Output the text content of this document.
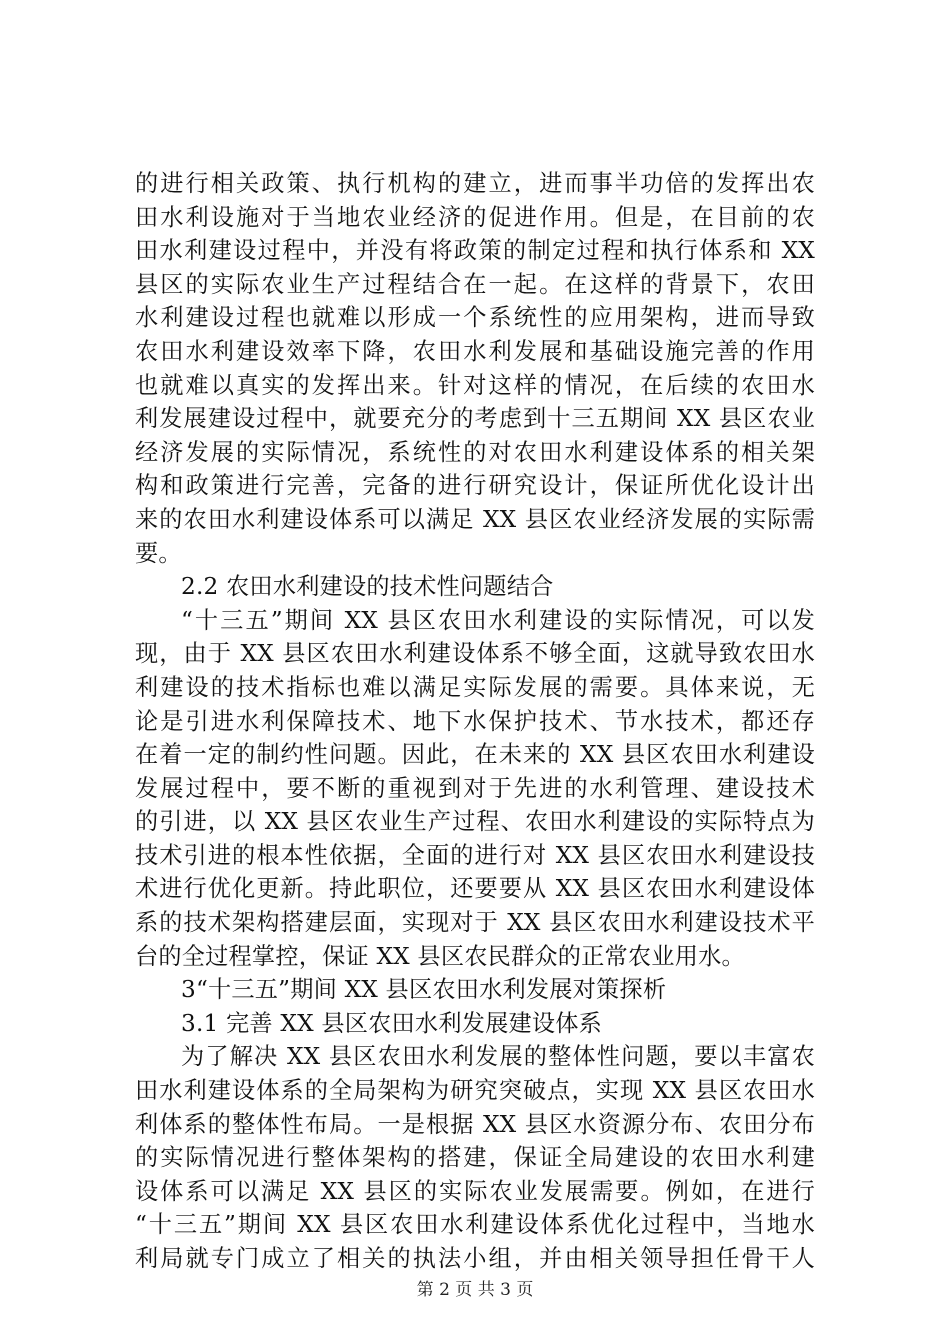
的进行相关政策、执行机构的建立，进而事半功倍的发挥出农
田水利设施对于当地农业经济的促进作用。但是，在目前的农
田水利建设过程中，并没有将政策的制定过程和执行体系和 XX
县区的实际农业生产过程结合在一起。在这样的背景下，农田
水利建设过程也就难以形成一个系统性的应用架构，进而导致
农田水利建设效率下降，农田水利发展和基础设施完善的作用
也就难以真实的发挥出来。针对这样的情况，在后续的农田水
利发展建设过程中，就要充分的考虑到十三五期间 XX 县区农业
经济发展的实际情况，系统性的对农田水利建设体系的相关架
构和政策进行完善，完备的进行研究设计，保证所优化设计出
来的农田水利建设体系可以满足 XX 县区农业经济发展的实际需
要。
2.2 农田水利建设的技术性问题结合
“十三五”期间 XX 县区农田水利建设的实际情况，可以发
现，由于 XX 县区农田水利建设体系不够全面，这就导致农田水
利建设的技术指标也难以满足实际发展的需要。具体来说，无
论是引进水利保障技术、地下水保护技术、节水技术，都还存
在着一定的制约性问题。因此，在未来的 XX 县区农田水利建设
发展过程中，要不断的重视到对于先进的水利管理、建设技术
的引进，以 XX 县区农业生产过程、农田水利建设的实际特点为
技术引进的根本性依据，全面的进行对 XX 县区农田水利建设技
术进行优化更新。持此职位，还要要从 XX 县区农田水利建设体
系的技术架构搭建层面，实现对于 XX 县区农田水利建设技术平
台的全过程掌控，保证 XX 县区农民群众的正常农业用水。
3“十三五”期间 XX 县区农田水利发展对策探析
3.1 完善 XX 县区农田水利发展建设体系
为了解决 XX 县区农田水利发展的整体性问题，要以丰富农
田水利建设体系的全局架构为研究突破点，实现 XX 县区农田水
利体系的整体性布局。一是根据 XX 县区水资源分布、农田分布
的实际情况进行整体架构的搭建，保证全局建设的农田水利建
设体系可以满足 XX 县区的实际农业发展需要。例如，在进行
“十三五”期间 XX 县区农田水利建设体系优化过程中，当地水
利局就专门成立了相关的执法小组，并由相关领导担任骨干人
第 2 页 共 3 页
